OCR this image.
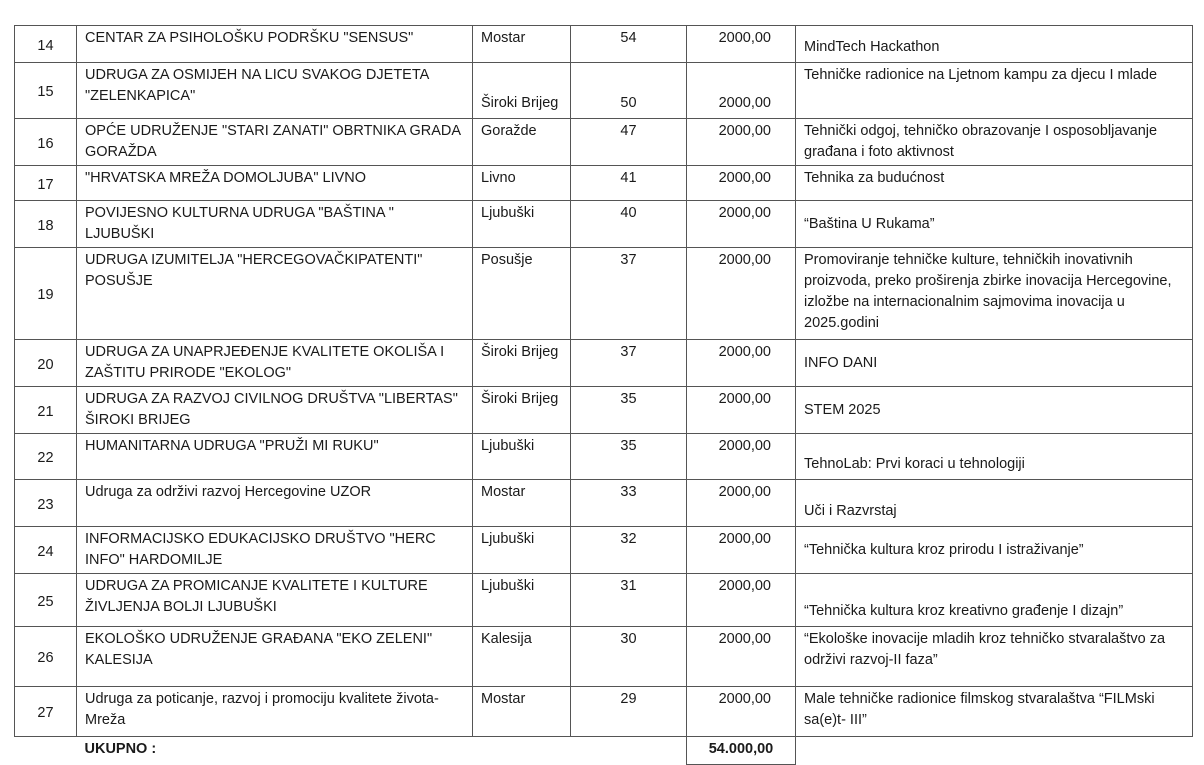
14	CENTAR ZA PSIHOLOŠKU PODRŠKU "SENSUS"	Mostar	54	2000,00	MindTech Hackathon
15	UDRUGA ZA OSMIJEH NA LICU SVAKOG DJETETA "ZELENKAPICA"	Široki Brijeg	50	2000,00	Tehničke radionice na Ljetnom kampu za djecu I mlade
16	OPĆE UDRUŽENJE "STARI ZANATI" OBRTNIKA GRADA GORAŽDA	Goražde	47	2000,00	Tehnički odgoj, tehničko obrazovanje I osposobljavanje građana i foto aktivnost
17	"HRVATSKA MREŽA DOMOLJUBA" LIVNO	Livno	41	2000,00	Tehnika za budućnost
18	POVIJESNO KULTURNA UDRUGA "BAŠTINA " LJUBUŠKI	Ljubuški	40	2000,00	“Baština U Rukama”
19	UDRUGA IZUMITELJA "HERCEGOVAČKIPATENTI" POSUŠJE	Posušje	37	2000,00	Promoviranje tehničke kulture, tehničkih inovativnih proizvoda, preko proširenja zbirke inovacija Hercegovine, izložbe na internacionalnim sajmovima inovacija u 2025.godini
20	UDRUGA ZA UNAPRJEĐENJE KVALITETE OKOLIŠA I ZAŠTITU PRIRODE "EKOLOG"	Široki Brijeg	37	2000,00	INFO DANI
21	UDRUGA ZA RAZVOJ CIVILNOG DRUŠTVA "LIBERTAS" ŠIROKI BRIJEG	Široki Brijeg	35	2000,00	STEM 2025
22	HUMANITARNA UDRUGA "PRUŽI MI RUKU"	Ljubuški	35	2000,00	TehnoLab: Prvi koraci u tehnologiji
23	Udruga za održivi razvoj Hercegovine UZOR	Mostar	33	2000,00	Uči i Razvrstaj
24	INFORMACIJSKO EDUKACIJSKO DRUŠTVO "HERC INFO" HARDOMILJE	Ljubuški	32	2000,00	“Tehnička kultura kroz prirodu I istraživanje”
25	UDRUGA ZA PROMICANJE KVALITETE I KULTURE ŽIVLJENJA BOLJI LJUBUŠKI	Ljubuški	31	2000,00	“Tehnička kultura kroz kreativno građenje I dizajn”
26	EKOLOŠKO UDRUŽENJE GRAĐANA "EKO ZELENI" KALESIJA	Kalesija	30	2000,00	“Ekološke inovacije mladih kroz tehničko stvaralaštvo za održivi razvoj-II faza”
27	Udruga za poticanje, razvoj i promociju kvalitete života-Mreža	Mostar	29	2000,00	Male tehničke radionice filmskog stvaralaštva “FILMski sa(e)t- III”
	UKUPNO :			54.000,00	
